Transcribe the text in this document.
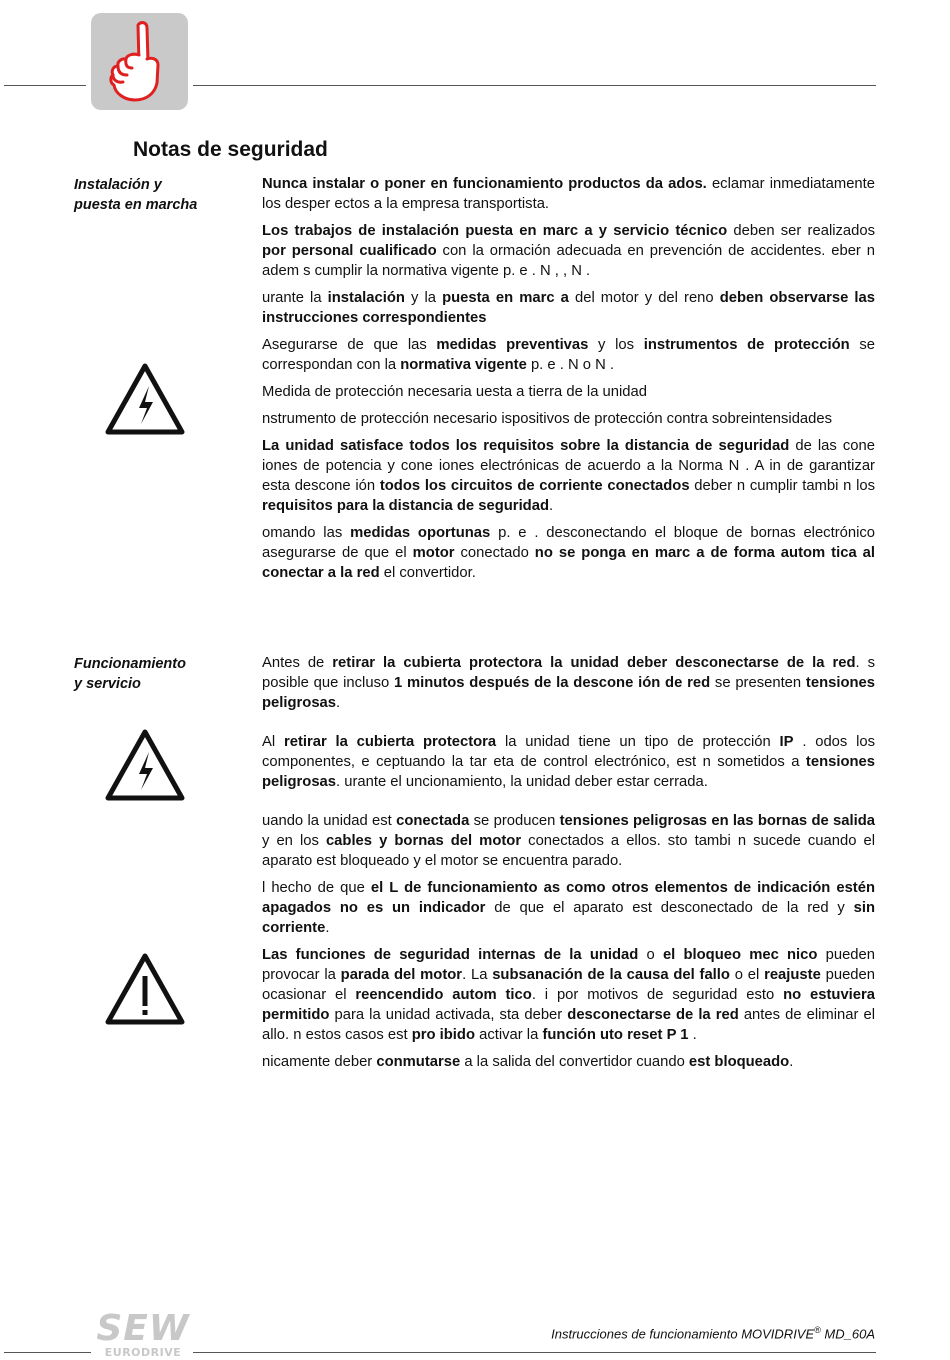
Notas de seguridad
Instalación y
puesta en marcha

Nunca instalar o poner en funcionamiento productos da ados. eclamar inmediatamente los desper ectos a la empresa transportista.

Los trabajos de instalación puesta en marc a y servicio técnico deben ser realizados por personal cualificado con la ormación adecuada en prevención de accidentes. eber n adem s cumplir la normativa vigente p. e . N , , N .

urante la instalación y la puesta en marc a del motor y del reno deben observarse las instrucciones correspondientes

Asegurarse de que las medidas preventivas y los instrumentos de protección se correspondan con la normativa vigente p. e . N o N .

Medida de protección necesaria uesta a tierra de la unidad

nstrumento de protección necesario ispositivos de protección contra sobreintensidades

La unidad satisface todos los requisitos sobre la distancia de seguridad de las cone iones de potencia y cone iones electrónicas de acuerdo a la Norma N . A in de garantizar esta descone ión todos los circuitos de corriente conectados deber n cumplir tambi n los requisitos para la distancia de seguridad.

omando las medidas oportunas p. e . desconectando el bloque de bornas electrónico asegurarse de que el motor conectado no se ponga en marc a de forma autom tica al conectar a la red el convertidor.

Funcionamiento
y servicio

Antes de retirar la cubierta protectora la unidad deber desconectarse de la red. s posible que incluso 1 minutos después de la descone ión de red se presenten tensiones peligrosas.

Al retirar la cubierta protectora la unidad tiene un tipo de protección IP . odos los componentes, e ceptuando la tar eta de control electrónico, est n sometidos a tensiones peligrosas. urante el uncionamiento, la unidad deber estar cerrada.

uando la unidad est conectada se producen tensiones peligrosas en las bornas de salida y en los cables y bornas del motor conectados a ellos. sto tambi n sucede cuando el aparato est bloqueado y el motor se encuentra parado.

l hecho de que el L de funcionamiento as como otros elementos de indicación estén apagados no es un indicador de que el aparato est desconectado de la red y sin corriente.

Las funciones de seguridad internas de la unidad o el bloqueo mec nico pueden provocar la parada del motor. La subsanación de la causa del fallo o el reajuste pueden ocasionar el reencendido autom tico. i por motivos de seguridad esto no estuviera permitido para la unidad activada, sta deber desconectarse de la red antes de eliminar el allo. n estos casos est pro ibido activar la función uto reset P 1 .

nicamente deber conmutarse a la salida del convertidor cuando est bloqueado.

SEW
EURODRIVE
Instrucciones de funcionamiento MOVIDRIVE® MD_60A
